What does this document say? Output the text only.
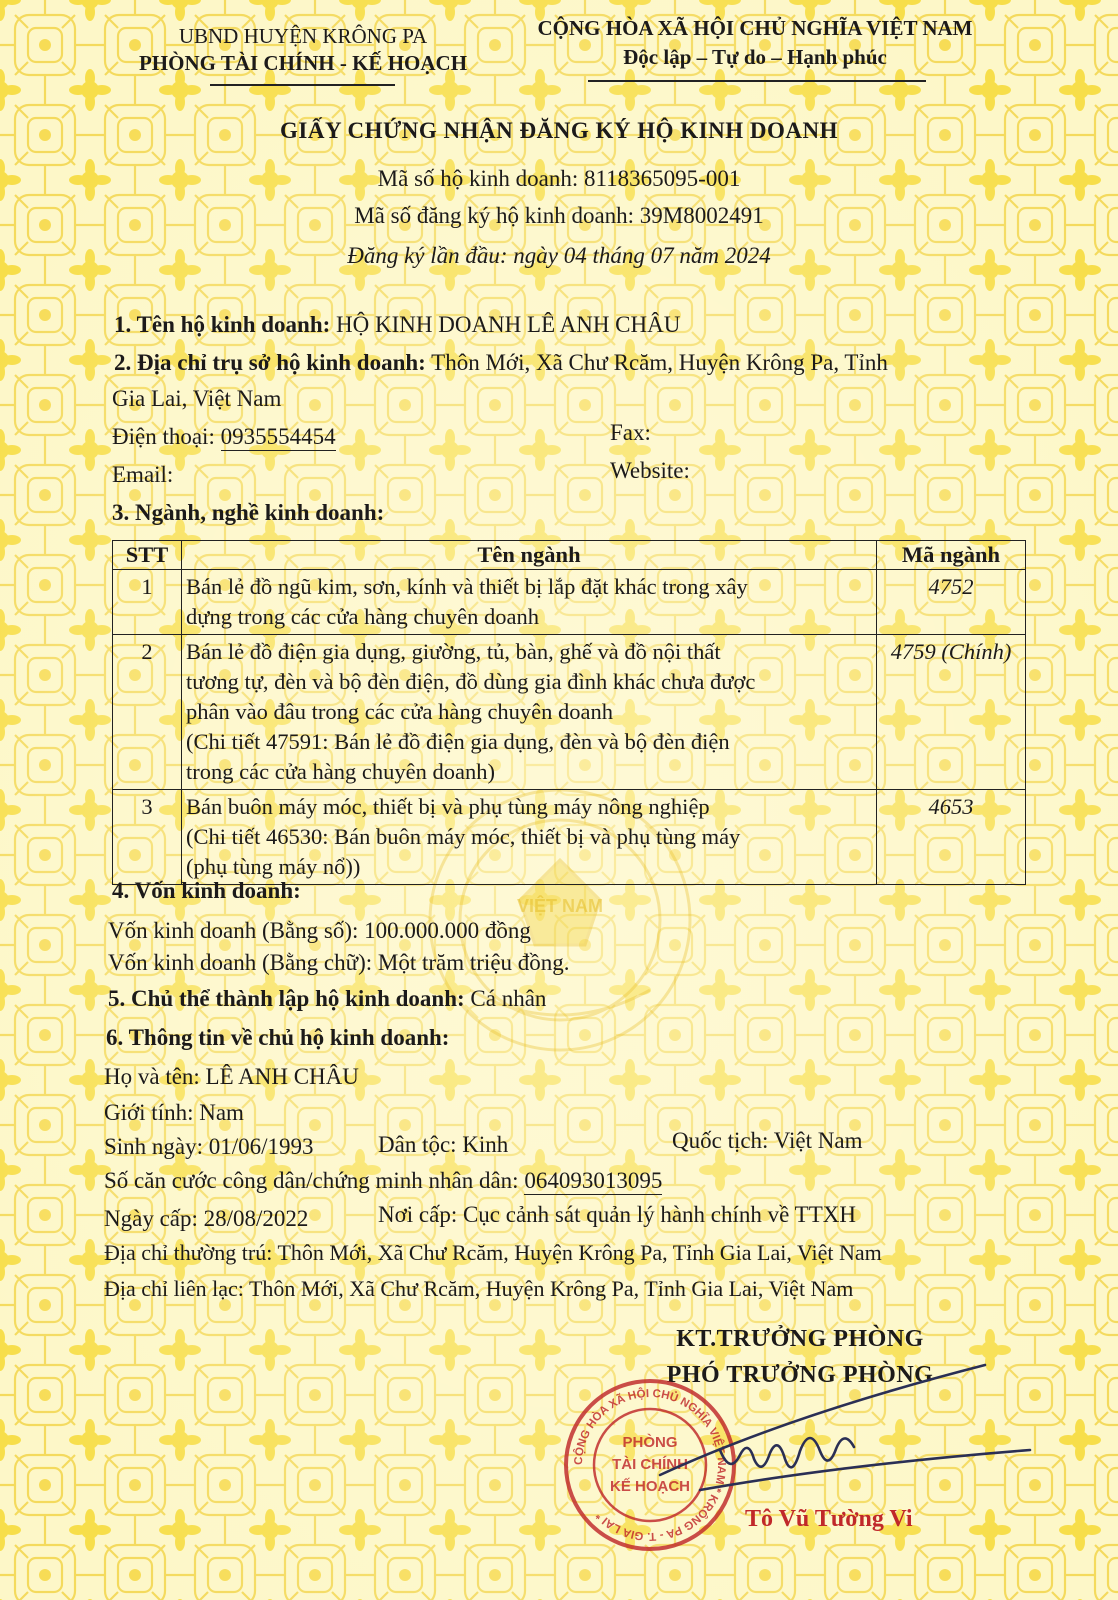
VIỆT NAM
UBND HUYỆN KRÔNG PA
PHÒNG TÀI CHÍNH - KẾ HOẠCH
CỘNG HÒA XÃ HỘI CHỦ NGHĨA VIỆT NAM
Độc lập – Tự do – Hạnh phúc
GIẤY CHỨNG NHẬN ĐĂNG KÝ HỘ KINH DOANH
Mã số hộ kinh doanh: 8118365095-001
Mã số đăng ký hộ kinh doanh: 39M8002491
Đăng ký lần đầu: ngày 04 tháng 07 năm 2024
1. Tên hộ kinh doanh: HỘ KINH DOANH LÊ ANH CHÂU
2. Địa chỉ trụ sở hộ kinh doanh: Thôn Mới, Xã Chư Rcăm, Huyện Krông Pa, Tỉnh
Gia Lai, Việt Nam
Điện thoại: 0935554454	Fax:
Email:	Website:
3. Ngành, nghề kinh doanh:
STT	Tên ngành	Mã ngành
1	Bán lẻ đồ ngũ kim, sơn, kính và thiết bị lắp đặt khác trong xây
dựng trong các cửa hàng chuyên doanh	4752
2	Bán lẻ đồ điện gia dụng, giường, tủ, bàn, ghế và đồ nội thất
tương tự, đèn và bộ đèn điện, đồ dùng gia đình khác chưa được
phân vào đâu trong các cửa hàng chuyên doanh
(Chi tiết 47591: Bán lẻ đồ điện gia dụng, đèn và bộ đèn điện
trong các cửa hàng chuyên doanh)	4759 (Chính)
3	Bán buôn máy móc, thiết bị và phụ tùng máy nông nghiệp
(Chi tiết 46530: Bán buôn máy móc, thiết bị và phụ tùng máy
(phụ tùng máy nổ))	4653
4. Vốn kinh doanh:
Vốn kinh doanh (Bằng số): 100.000.000 đồng
Vốn kinh doanh (Bằng chữ): Một trăm triệu đồng.
5. Chủ thể thành lập hộ kinh doanh: Cá nhân
6. Thông tin về chủ hộ kinh doanh:
Họ và tên: LÊ ANH CHÂU
Giới tính: Nam
Sinh ngày: 01/06/1993	Dân tộc: Kinh	Quốc tịch: Việt Nam
Số căn cước công dân/chứng minh nhân dân: 064093013095
Ngày cấp: 28/08/2022	Nơi cấp: Cục cảnh sát quản lý hành chính về TTXH
Địa chỉ thường trú: Thôn Mới, Xã Chư Rcăm, Huyện Krông Pa, Tỉnh Gia Lai, Việt Nam
Địa chỉ liên lạc: Thôn Mới, Xã Chư Rcăm, Huyện Krông Pa, Tỉnh Gia Lai, Việt Nam
KT.TRƯỞNG PHÒNG
PHÓ TRƯỞNG PHÒNG
CỘNG HÒA XÃ HỘI CHỦ NGHĨA VIỆT NAM * KRÔNG PA - T. GIA LAI *
PHÒNG
TÀI CHÍNH
KẾ HOẠCH
Tô Vũ Tường Vi
